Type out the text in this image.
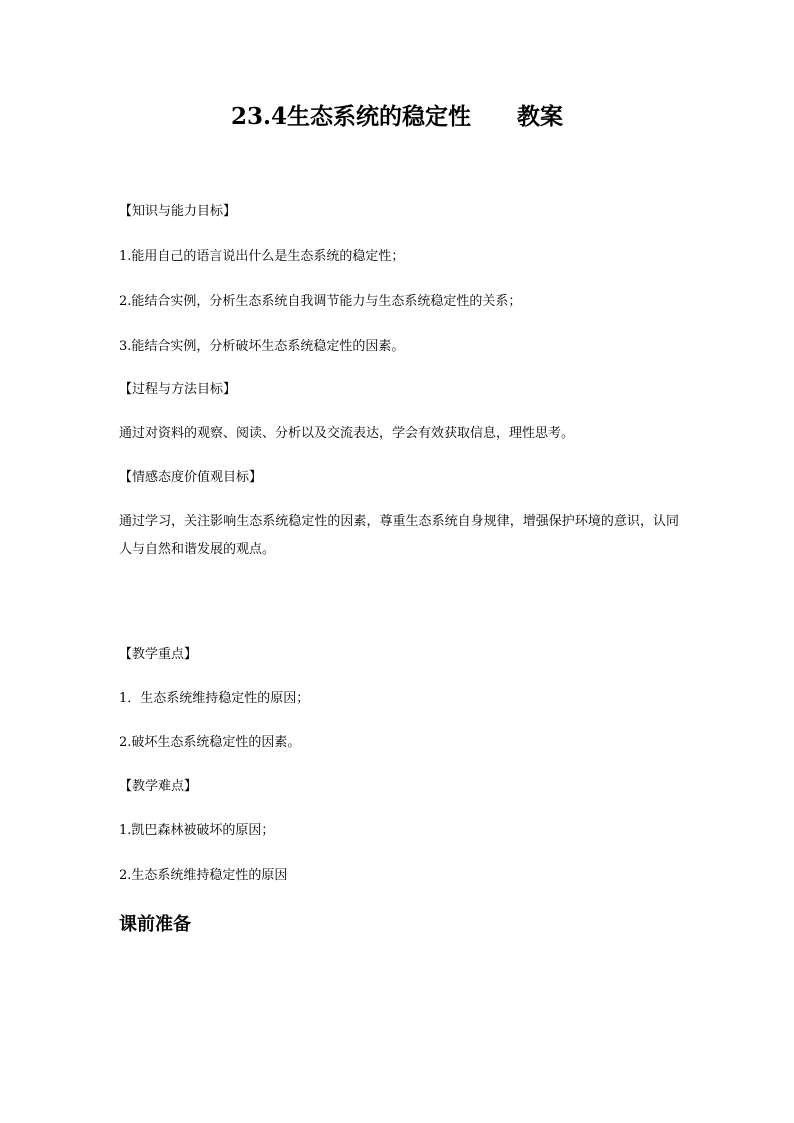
23.4生态系统的稳定性　　教案
【知识与能力目标】
1.能用自己的语言说出什么是生态系统的稳定性；
2.能结合实例，分析生态系统自我调节能力与生态系统稳定性的关系；
3.能结合实例，分析破坏生态系统稳定性的因素。
【过程与方法目标】
通过对资料的观察、阅读、分析以及交流表达，学会有效获取信息，理性思考。
【情感态度价值观目标】
通过学习，关注影响生态系统稳定性的因素，尊重生态系统自身规律，增强保护环境的意识，认同人与自然和谐发展的观点。
【教学重点】
1．生态系统维持稳定性的原因；
2.破坏生态系统稳定性的因素。
【教学难点】
1.凯巴森林被破坏的原因；
2.生态系统维持稳定性的原因
课前准备
